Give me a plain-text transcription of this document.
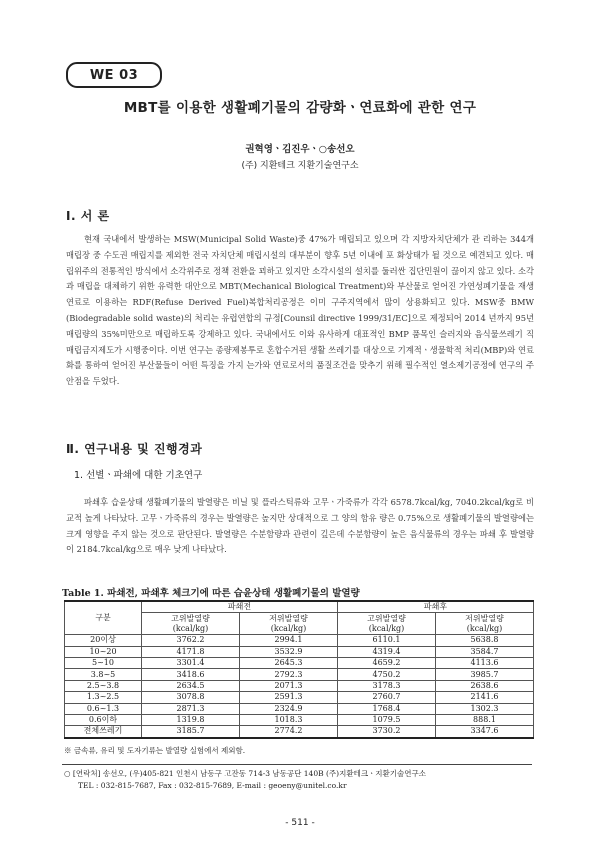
WE 03
MBT를 이용한 생활폐기물의 감량화ㆍ연료화에 관한 연구
권혁영ㆍ김진우ㆍ○송선오
(주) 지환테크 지환기술연구소
Ⅰ. 서 론
현재 국내에서 발생하는 MSW(Municipal Solid Waste)중 47%가 매립되고 있으며 각 지방자치단체가 관 리하는 344개 매립장 중 수도권 매립지를 제외한 전국 자치단체 매립시설의 대부분이 향후 5년 이내에 포 화상태가 될 것으로 예견되고 있다. 매립위주의 전통적인 방식에서 소각위주로 정책 전환을 꾀하고 있지만 소각시설의 설치를 둘러싼 집단민원이 끊이지 않고 있다. 소각과 매립을 대체하기 위한 유력한 대안으로 MBT(Mechanical Biological Treatment)와 부산물로 얻어진 가연성폐기물을 재생연료로 이용하는 RDF(Refuse Derived Fuel)복합처리공정은 이미 구주지역에서 많이 상용화되고 있다. MSW중 BMW (Biodegradable solid waste)의 처리는 유럽연합의 규정[Counsil directive 1999/31/EC]으로 제정되어 2014 년까지 95년 매립량의 35%미만으로 매립하도록 강제하고 있다. 국내에서도 이와 유사하게 대표적인 BMP 품목인 슬러지와 음식물쓰레기 직매립금지제도가 시행중이다. 이번 연구는 종량제봉투로 혼합수거된 생활 쓰레기를 대상으로 기계적ㆍ생물학적 처리(MBP)와 연료화를 통하여 얻어진 부산물들이 어떤 특징을 가지 는가와 연료로서의 품질조건을 맞추기 위해 필수적인 열소제기공정에 연구의 주안점을 두었다.
Ⅱ. 연구내용 및 진행경과
1. 선별ㆍ파쇄에 대한 기초연구
파쇄후 습윤상태 생활폐기물의 발열량은 비닐 및 플라스틱류와 고무ㆍ가죽류가 각각 6578.7kcal/kg, 7040.2kcal/kg로 비교적 높게 나타났다. 고무ㆍ가죽류의 경우는 발열량은 높지만 상대적으로 그 양의 함유 량은 0.75%으로 생활폐기물의 발열량에는 크게 영향을 주지 않는 것으로 판단된다. 발열량은 수분함량과 관련이 깊은데 수분함량이 높은 음식물류의 경우는 파쇄 후 발열량이 2184.7kcal/kg으로 매우 낮게 나타났다.
Table 1. 파쇄전, 파쇄후 체크기에 따른 습윤상태 생활폐기물의 발열량
구분	파쇄전		파쇄후	
	고위발열량	저위발열량	고위발열량	저위발열량
	(kcal/kg)	(kcal/kg)	(kcal/kg)	(kcal/kg)
20이상	3762.2	2994.1	6110.1	5638.8
10~20	4171.8	3532.9	4319.4	3584.7
5~10	3301.4	2645.3	4659.2	4113.6
3.8~5	3418.6	2792.3	4750.2	3985.7
2.5~3.8	2634.5	2071.3	3178.3	2638.6
1.3~2.5	3078.8	2591.3	2760.7	2141.6
0.6~1.3	2871.3	2324.9	1768.4	1302.3
0.6이하	1319.8	1018.3	1079.5	888.1
전체쓰레기	3185.7	2774.2	3730.2	3347.6
※ 금속류, 유리 및 도자기류는 발열량 실험에서 제외함.
○ [연락처] 송선오, (우)405-821 인천시 남동구 고잔동 714-3 남동공단 140B (주)지환테크ㆍ지환기술연구소
TEL : 032-815-7687, Fax : 032-815-7689, E-mail : geoeny@unitel.co.kr
- 511 -
